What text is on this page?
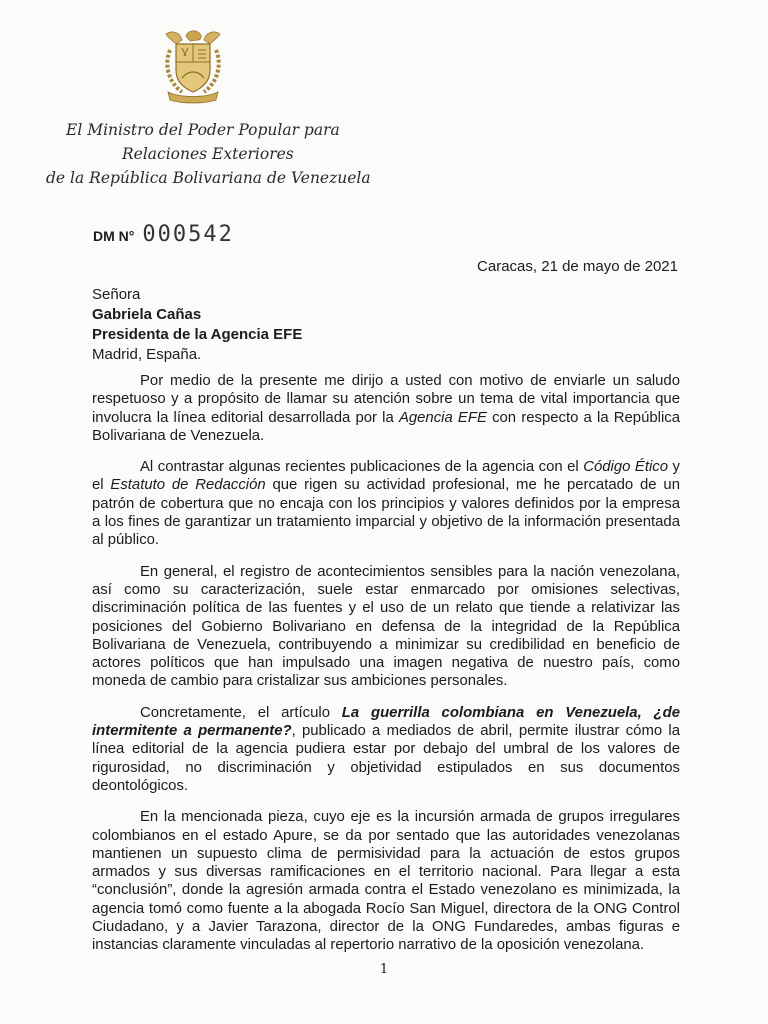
El Ministro del Poder Popular para
Relaciones Exteriores
de la República Bolivariana de Venezuela
DM N° 000542
Caracas, 21 de mayo de 2021
Señora
Gabriela Cañas
Presidenta de la Agencia EFE
Madrid, España.

Por medio de la presente me dirijo a usted con motivo de enviarle un saludo respetuoso y a propósito de llamar su atención sobre un tema de vital importancia que involucra la línea editorial desarrollada por la Agencia EFE con respecto a la República Bolivariana de Venezuela.

Al contrastar algunas recientes publicaciones de la agencia con el Código Ético y el Estatuto de Redacción que rigen su actividad profesional, me he percatado de un patrón de cobertura que no encaja con los principios y valores definidos por la empresa a los fines de garantizar un tratamiento imparcial y objetivo de la información presentada al público.

En general, el registro de acontecimientos sensibles para la nación venezolana, así como su caracterización, suele estar enmarcado por omisiones selectivas, discriminación política de las fuentes y el uso de un relato que tiende a relativizar las posiciones del Gobierno Bolivariano en defensa de la integridad de la República Bolivariana de Venezuela, contribuyendo a minimizar su credibilidad en beneficio de actores políticos que han impulsado una imagen negativa de nuestro país, como moneda de cambio para cristalizar sus ambiciones personales.

Concretamente, el artículo La guerrilla colombiana en Venezuela, ¿de intermitente a permanente?, publicado a mediados de abril, permite ilustrar cómo la línea editorial de la agencia pudiera estar por debajo del umbral de los valores de rigurosidad, no discriminación y objetividad estipulados en sus documentos deontológicos.

En la mencionada pieza, cuyo eje es la incursión armada de grupos irregulares colombianos en el estado Apure, se da por sentado que las autoridades venezolanas mantienen un supuesto clima de permisividad para la actuación de estos grupos armados y sus diversas ramificaciones en el territorio nacional. Para llegar a esta “conclusión”, donde la agresión armada contra el Estado venezolano es minimizada, la agencia tomó como fuente a la abogada Rocío San Miguel, directora de la ONG Control Ciudadano, y a Javier Tarazona, director de la ONG Fundaredes, ambas figuras e instancias claramente vinculadas al repertorio narrativo de la oposición venezolana.

1
